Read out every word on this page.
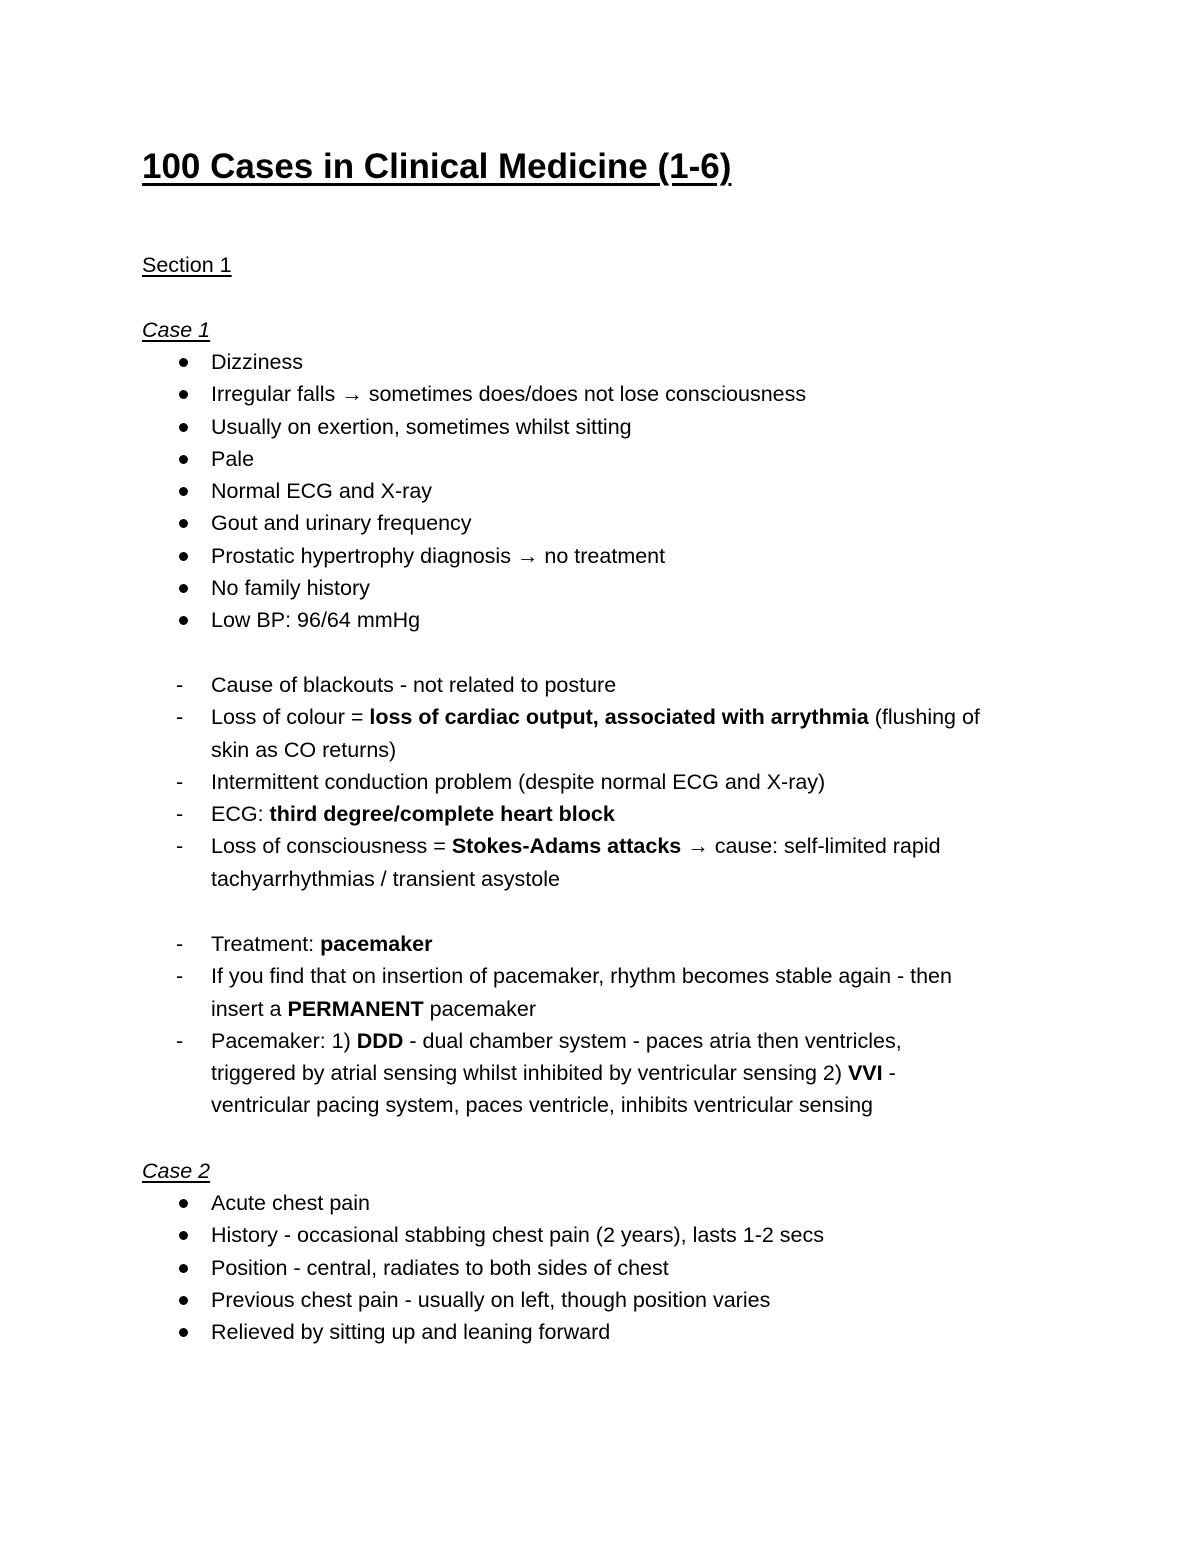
100 Cases in Clinical Medicine (1-6)

Section 1

Case 1

Dizziness
Irregular falls → sometimes does/does not lose consciousness
Usually on exertion, sometimes whilst sitting
Pale
Normal ECG and X-ray
Gout and urinary frequency
Prostatic hypertrophy diagnosis → no treatment
No family history
Low BP: 96/64 mmHg
- Cause of blackouts - not related to posture
- Loss of colour = loss of cardiac output, associated with arrythmia (flushing of
skin as CO returns)
- Intermittent conduction problem (despite normal ECG and X-ray)
- ECG: third degree/complete heart block
- Loss of consciousness = Stokes-Adams attacks → cause: self-limited rapid
tachyarrhythmias / transient asystole
- Treatment: pacemaker
- If you find that on insertion of pacemaker, rhythm becomes stable again - then
insert a PERMANENT pacemaker
- Pacemaker: 1) DDD - dual chamber system - paces atria then ventricles,
triggered by atrial sensing whilst inhibited by ventricular sensing 2) VVI -
ventricular pacing system, paces ventricle, inhibits ventricular sensing

Case 2

Acute chest pain
History - occasional stabbing chest pain (2 years), lasts 1-2 secs
Position - central, radiates to both sides of chest
Previous chest pain - usually on left, though position varies
Relieved by sitting up and leaning forward
